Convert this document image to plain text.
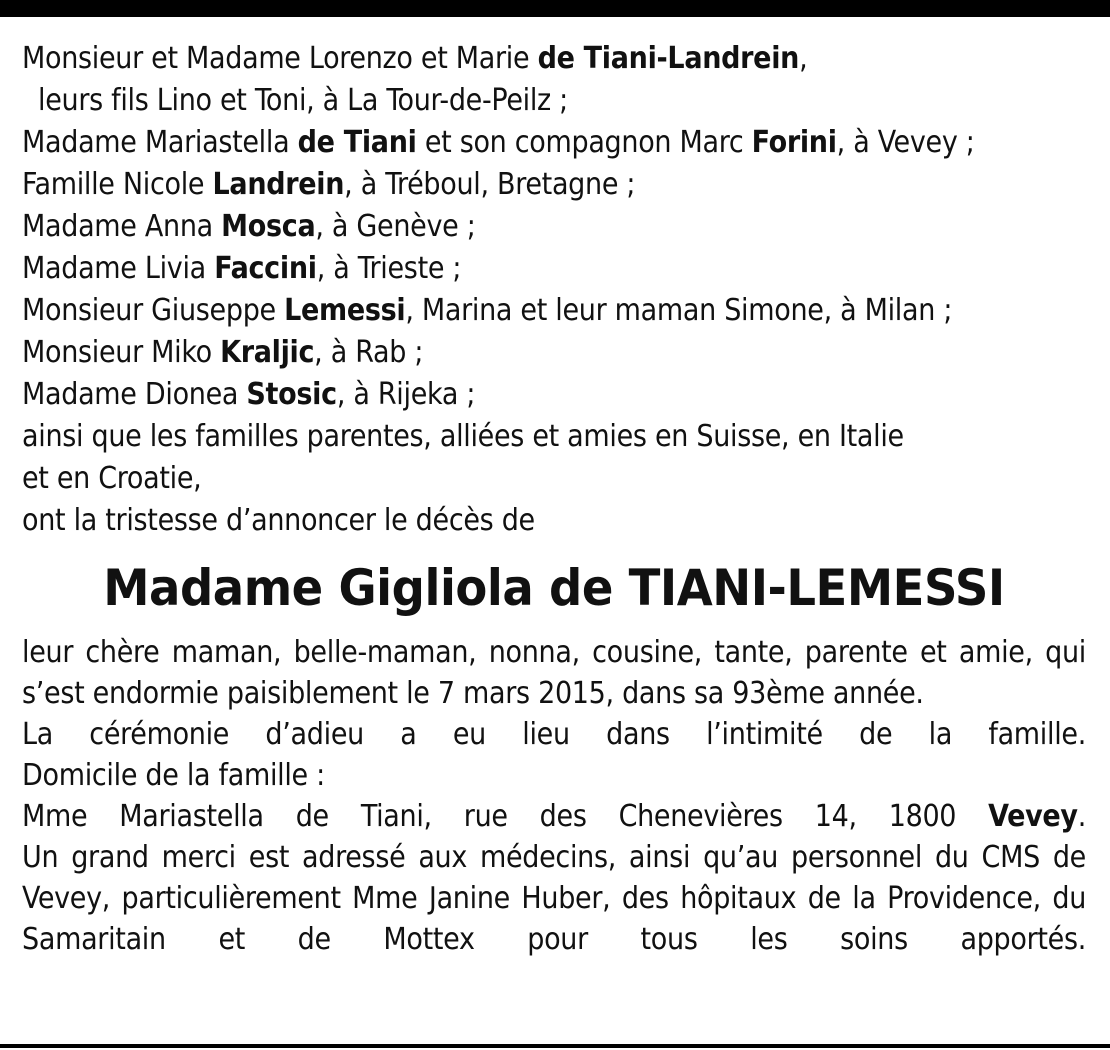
Monsieur et Madame Lorenzo et Marie de Tiani-Landrein,
leurs fils Lino et Toni, à La Tour-de-Peilz ;
Madame Mariastella de Tiani et son compagnon Marc Forini, à Vevey ;
Famille Nicole Landrein, à Tréboul, Bretagne ;
Madame Anna Mosca, à Genève ;
Madame Livia Faccini, à Trieste ;
Monsieur Giuseppe Lemessi, Marina et leur maman Simone, à Milan ;
Monsieur Miko Kraljic, à Rab ;
Madame Dionea Stosic, à Rijeka ;
ainsi que les familles parentes, alliées et amies en Suisse, en Italie
et en Croatie,
ont la tristesse d’annoncer le décès de
Madame Gigliola de TIANI-LEMESSI
leur chère maman, belle-maman, nonna, cousine, tante, parente et amie, qui s’est endormie paisiblement le 7 mars 2015, dans sa 93ème année.
La cérémonie d’adieu a eu lieu dans l’intimité de la famille.
Domicile de la famille :
Mme Mariastella de Tiani, rue des Chenevières 14, 1800 Vevey.
Un grand merci est adressé aux médecins, ainsi qu’au personnel du CMS de Vevey, particulièrement Mme Janine Huber, des hôpitaux de la Providence, du Samaritain et de Mottex pour tous les soins apportés.
